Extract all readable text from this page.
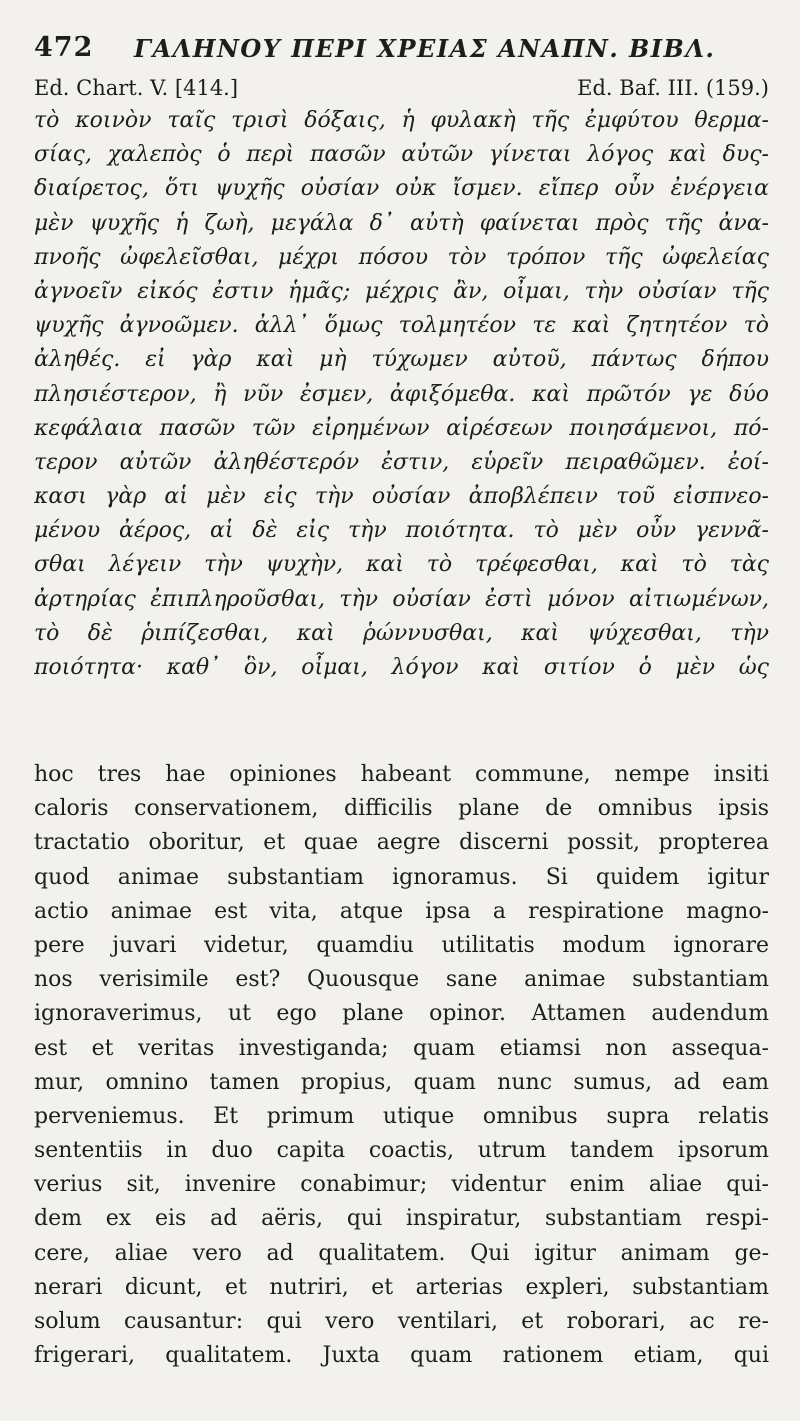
472 ΓΑΛΗΝΟΥ ΠΕΡΙ ΧΡΕΙΑΣ ΑΝΑΠΝ. ΒΙΒΛ.
Ed. Chart. V. [414.]	Ed. Baf. III. (159.)
τὸ κοινὸν ταῖς τρισὶ δόξαις, ἡ φυλακὴ τῆς ἐμφύτου θερμα-
σίας, χαλεπὸς ὁ περὶ πασῶν αὐτῶν γίνεται λόγος καὶ δυς-
διαίρετος, ὅτι ψυχῆς οὐσίαν οὐκ ἴσμεν. εἴπερ οὖν ἐνέργεια
μὲν ψυχῆς ἡ ζωὴ, μεγάλα δ᾽ αὐτὴ φαίνεται πρὸς τῆς ἀνα-
πνοῆς ὠφελεῖσθαι, μέχρι πόσου τὸν τρόπον τῆς ὠφελείας
ἀγνοεῖν εἰκός ἐστιν ἡμᾶς; μέχρις ἂν, οἶμαι, τὴν οὐσίαν τῆς
ψυχῆς ἀγνοῶμεν. ἀλλ᾽ ὅμως τολμητέον τε καὶ ζητητέον τὸ
ἀληθές. εἰ γὰρ καὶ μὴ τύχωμεν αὐτοῦ, πάντως δήπου
πλησιέστερον, ἢ νῦν ἐσμεν, ἀφιξόμεθα. καὶ πρῶτόν γε δύο
κεφάλαια πασῶν τῶν εἰρημένων αἱρέσεων ποιησάμενοι, πό-
τερον αὐτῶν ἀληθέστερόν ἐστιν, εὑρεῖν πειραθῶμεν. ἐοί-
κασι γὰρ αἱ μὲν εἰς τὴν οὐσίαν ἀποβλέπειν τοῦ εἰσπνεο-
μένου ἀέρος, αἱ δὲ εἰς τὴν ποιότητα. τὸ μὲν οὖν γεννᾶ-
σθαι λέγειν τὴν ψυχὴν, καὶ τὸ τρέφεσθαι, καὶ τὸ τὰς
ἀρτηρίας ἐπιπληροῦσθαι, τὴν οὐσίαν ἐστὶ μόνον αἰτιωμένων,
τὸ δὲ ῥιπίζεσθαι, καὶ ῥώννυσθαι, καὶ ψύχεσθαι, τὴν
ποιότητα· καθ᾽ ὃν, οἶμαι, λόγον καὶ σιτίον ὁ μὲν ὡς
hoc tres hae opiniones habeant commune, nempe insiti
caloris conservationem, difficilis plane de omnibus ipsis
tractatio oboritur, et quae aegre discerni possit, propterea
quod animae substantiam ignoramus. Si quidem igitur
actio animae est vita, atque ipsa a respiratione magno-
pere juvari videtur, quamdiu utilitatis modum ignorare
nos verisimile est? Quousque sane animae substantiam
ignoraverimus, ut ego plane opinor. Attamen audendum
est et veritas investiganda; quam etiamsi non assequa-
mur, omnino tamen propius, quam nunc sumus, ad eam
perveniemus. Et primum utique omnibus supra relatis
sententiis in duo capita coactis, utrum tandem ipsorum
verius sit, invenire conabimur; videntur enim aliae qui-
dem ex eis ad aëris, qui inspiratur, substantiam respi-
cere, aliae vero ad qualitatem. Qui igitur animam ge-
nerari dicunt, et nutriri, et arterias expleri, substantiam
solum causantur: qui vero ventilari, et roborari, ac re-
frigerari, qualitatem. Juxta quam rationem etiam, qui
